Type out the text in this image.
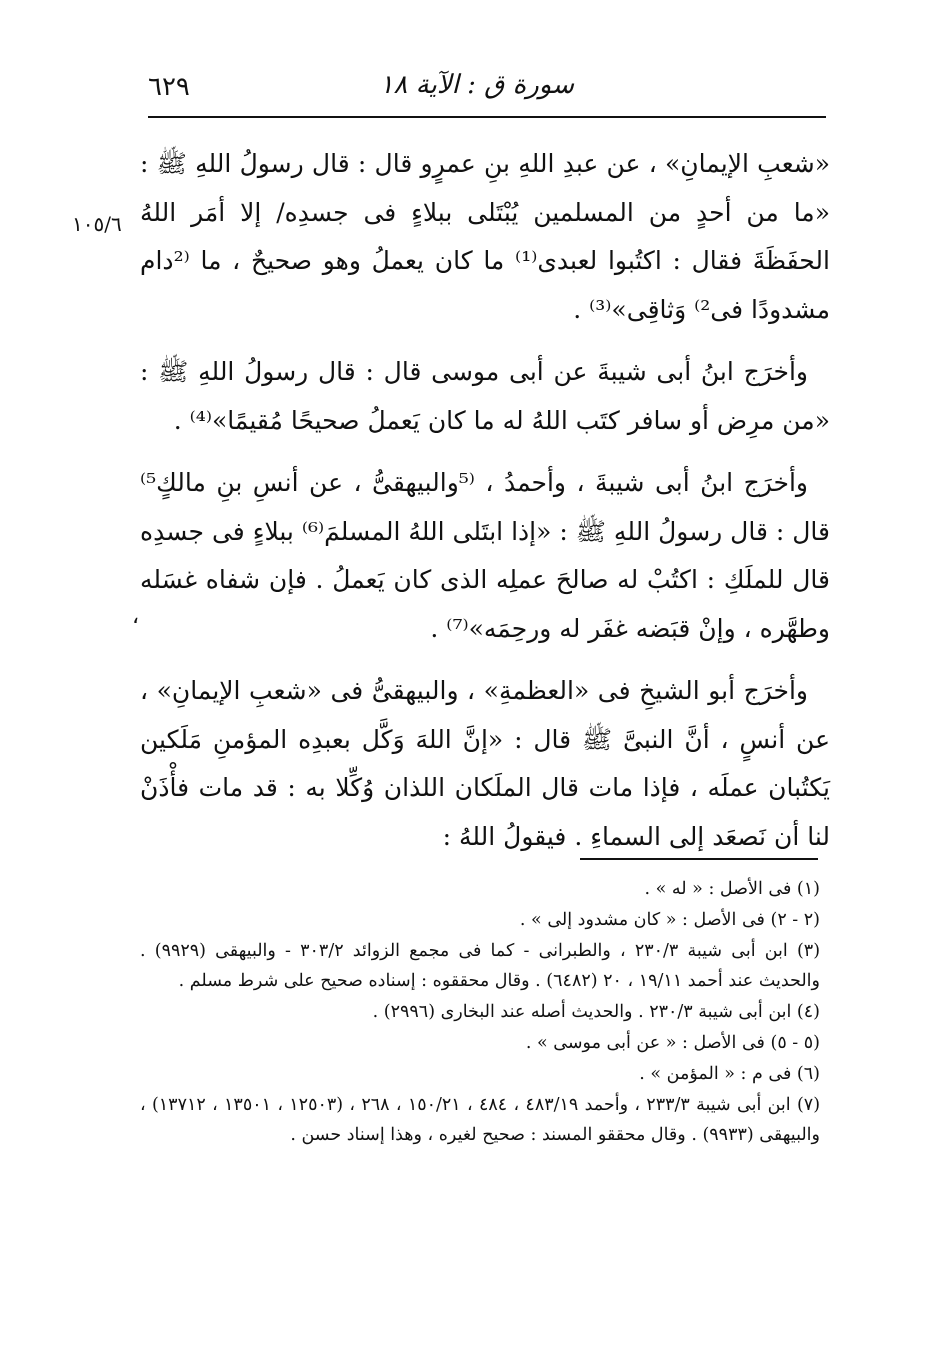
٦٢٩	سورة ق : الآية ١٨
١٠٥/٦
،

«شعبِ الإيمانِ» ، عن عبدِ اللهِ بنِ عمرٍو قال : قال رسولُ اللهِ ﷺ : «ما من أحدٍ من المسلمين يُبْتَلى ببلاءٍ فى جسدِه/ إلا أمَر اللهُ الحفَظَةَ فقال : اكتُبوا لعبدى⁽¹⁾ ما كان يعملُ وهو صحيحٌ ، ما ⁽²دام مشدودًا فى²⁾ وَثاقِى»⁽³⁾ .

وأخرَج ابنُ أبى شيبةَ عن أبى موسى قال : قال رسولُ اللهِ ﷺ : «من مرِض أو سافر كتَب اللهُ له ما كان يَعملُ صحيحًا مُقيمًا»⁽⁴⁾ .

وأخرَج ابنُ أبى شيبةَ ، وأحمدُ ، ⁽⁵والبيهقىُّ ، عن أنسِ بنِ مالكٍ⁵⁾ قال : قال رسولُ اللهِ ﷺ : «إذا ابتَلى اللهُ المسلمَ⁽⁶⁾ ببلاءٍ فى جسدِه قال للملَكِ : اكتُبْ له صالحَ عملِه الذى كان يَعملُ . فإن شفاه غسَله وطهَّره ، وإنْ قبَضه غفَر له ورحِمَه»⁽⁷⁾ .

وأخرَج أبو الشيخِ فى «العظمةِ» ، والبيهقىُّ فى «شعبِ الإيمانِ» ، عن أنسٍ ، أنَّ النبىَّ ﷺ قال : «إنَّ اللهَ وَكَّل بعبدِه المؤمنِ مَلَكين يَكتُبان عملَه ، فإذا مات قال الملَكان اللذان وُكِّلا به : قد مات فأْذَنْ لنا أن نَصعَد إلى السماءِ . فيقولُ اللهُ :

(١) فى الأصل : « له » .

(٢ - ٢) فى الأصل : « كان مشدود إلى » .

(٣) ابن أبى شيبة ٢٣٠/٣ ، والطبرانى - كما فى مجمع الزوائد ٣٠٣/٢ - والبيهقى (٩٩٢٩) . والحديث عند أحمد ١٩/١١ ، ٢٠ (٦٤٨٢) . وقال محققوه : إسناده صحيح على شرط مسلم .

(٤) ابن أبى شيبة ٢٣٠/٣ . والحديث أصله عند البخارى (٢٩٩٦) .

(٥ - ٥) فى الأصل : « عن أبى موسى » .

(٦) فى م : « المؤمن » .

(٧) ابن أبى شيبة ٢٣٣/٣ ، وأحمد ٤٨٣/١٩ ، ٤٨٤ ، ١٥٠/٢١ ، ٢٦٨ ، (١٢٥٠٣ ، ١٣٥٠١ ، ١٣٧١٢) ، والبيهقى (٩٩٣٣) . وقال محققو المسند : صحيح لغيره ، وهذا إسناد حسن .
